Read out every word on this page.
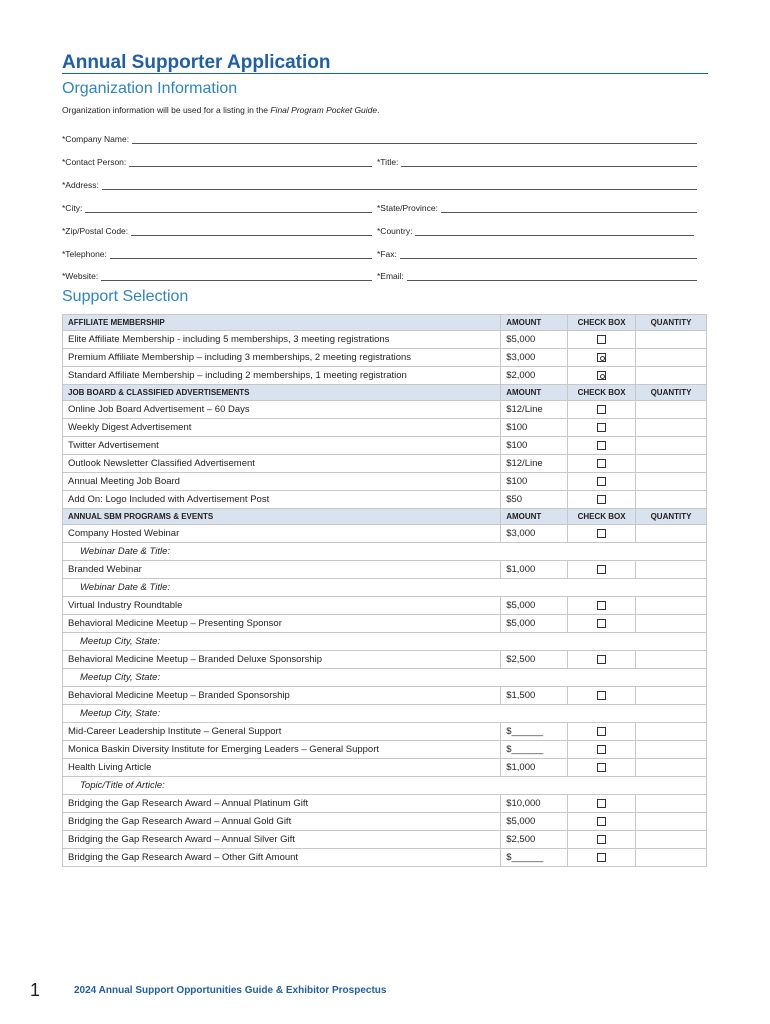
Annual Supporter Application
Organization Information
Organization information will be used for a listing in the Final Program Pocket Guide.
*Company Name:
*Contact Person:	*Title:
*Address:
*City:	*State/Province:
*Zip/Postal Code:	*Country:
*Telephone:	*Fax:
*Website:	*Email:
Support Selection
AFFILIATE MEMBERSHIP	AMOUNT	CHECK BOX	QUANTITY
Elite Affiliate Membership - including 5 memberships, 3 meeting registrations	$5,000		
Premium Affiliate Membership – including 3 memberships, 2 meeting registrations	$3,000		
Standard Affiliate Membership – including 2 memberships, 1 meeting registration	$2,000		
JOB BOARD & CLASSIFIED ADVERTISEMENTS	AMOUNT	CHECK BOX	QUANTITY
Online Job Board Advertisement – 60 Days	$12/Line		
Weekly Digest Advertisement	$100		
Twitter Advertisement	$100		
Outlook Newsletter Classified Advertisement	$12/Line		
Annual Meeting Job Board	$100		
Add On: Logo Included with Advertisement Post	$50		
ANNUAL SBM PROGRAMS & EVENTS	AMOUNT	CHECK BOX	QUANTITY
Company Hosted Webinar	$3,000		
Webinar Date & Title:			
Branded Webinar	$1,000		
Webinar Date & Title:			
Virtual Industry Roundtable	$5,000		
Behavioral Medicine Meetup – Presenting Sponsor	$5,000		
Meetup City, State:			
Behavioral Medicine Meetup – Branded Deluxe Sponsorship	$2,500		
Meetup City, State:			
Behavioral Medicine Meetup – Branded Sponsorship	$1,500		
Meetup City, State:			
Mid-Career Leadership Institute – General Support	$______		
Monica Baskin Diversity Institute for Emerging Leaders – General Support	$______		
Health Living Article	$1,000		
Topic/Title of Article:			
Bridging the Gap Research Award – Annual Platinum Gift	$10,000		
Bridging the Gap Research Award – Annual Gold Gift	$5,000		
Bridging the Gap Research Award – Annual Silver Gift	$2,500		
Bridging the Gap Research Award – Other Gift Amount	$______		
1	2024 Annual Support Opportunities Guide & Exhibitor Prospectus
